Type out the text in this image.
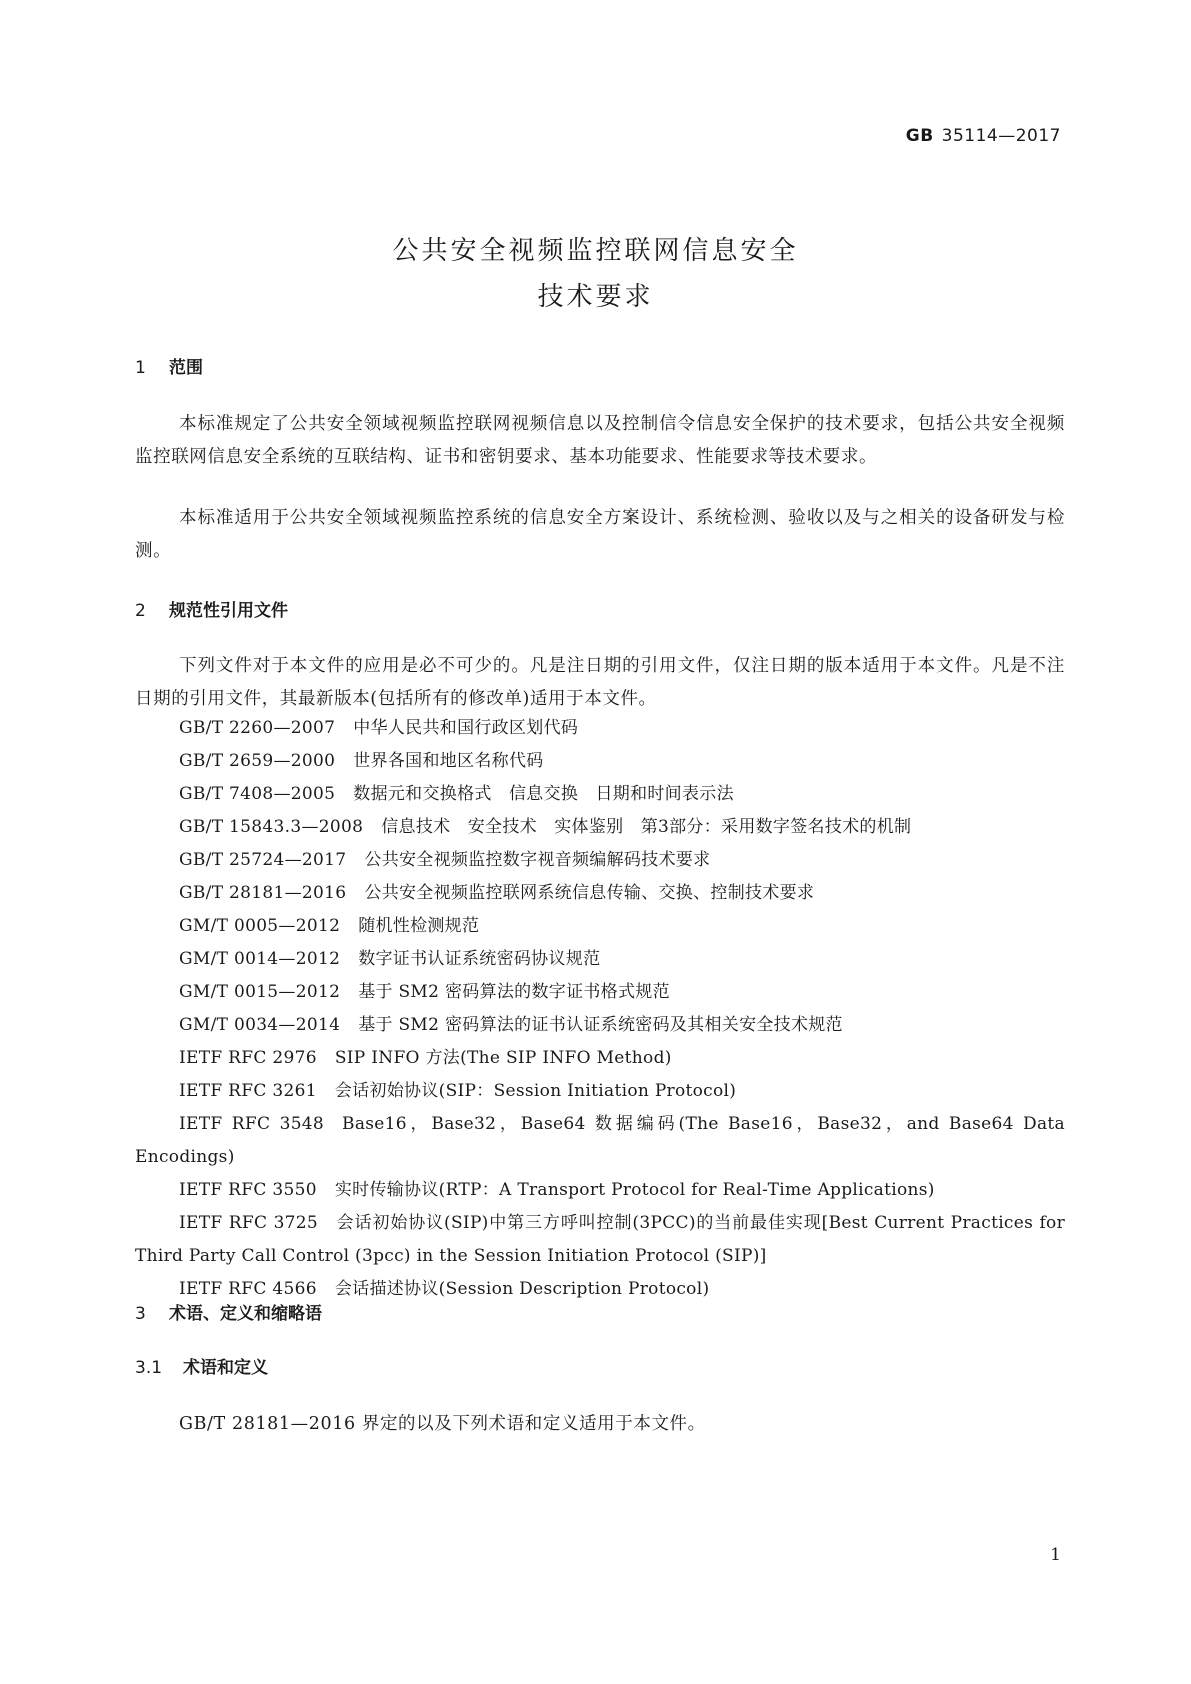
GB 35114—2017
公共安全视频监控联网信息安全
技术要求
1 范围
本标准规定了公共安全领域视频监控联网视频信息以及控制信令信息安全保护的技术要求，包括公共安全视频监控联网信息安全系统的互联结构、证书和密钥要求、基本功能要求、性能要求等技术要求。
本标准适用于公共安全领域视频监控系统的信息安全方案设计、系统检测、验收以及与之相关的设备研发与检测。
2 规范性引用文件
下列文件对于本文件的应用是必不可少的。凡是注日期的引用文件，仅注日期的版本适用于本文件。凡是不注日期的引用文件，其最新版本(包括所有的修改单)适用于本文件。
GB/T 2260—2007 中华人民共和国行政区划代码
GB/T 2659—2000 世界各国和地区名称代码
GB/T 7408—2005 数据元和交换格式　信息交换　日期和时间表示法
GB/T 15843.3—2008 信息技术　安全技术　实体鉴别　第3部分：采用数字签名技术的机制
GB/T 25724—2017 公共安全视频监控数字视音频编解码技术要求
GB/T 28181—2016 公共安全视频监控联网系统信息传输、交换、控制技术要求
GM/T 0005—2012 随机性检测规范
GM/T 0014—2012 数字证书认证系统密码协议规范
GM/T 0015—2012 基于 SM2 密码算法的数字证书格式规范
GM/T 0034—2014 基于 SM2 密码算法的证书认证系统密码及其相关安全技术规范
IETF RFC 2976 SIP INFO 方法(The SIP INFO Method)
IETF RFC 3261 会话初始协议(SIP：Session Initiation Protocol)
IETF RFC 3548 Base16，Base32，Base64 数据编码(The Base16，Base32，and Base64 Data Encodings)
IETF RFC 3550 实时传输协议(RTP：A Transport Protocol for Real-Time Applications)
IETF RFC 3725 会话初始协议(SIP)中第三方呼叫控制(3PCC)的当前最佳实现[Best Current Practices for Third Party Call Control (3pcc) in the Session Initiation Protocol (SIP)]
IETF RFC 4566 会话描述协议(Session Description Protocol)
3 术语、定义和缩略语
3.1 术语和定义
GB/T 28181—2016 界定的以及下列术语和定义适用于本文件。
1
